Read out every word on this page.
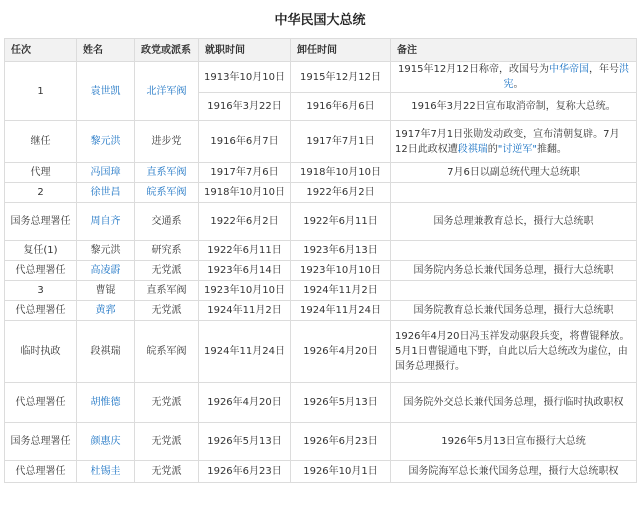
中华民国大总统
任次	姓名	政党或派系	就职时间	卸任时间	备注
1	袁世凯	北洋军阀	1913年10月10日	1915年12月12日	1915年12月12日称帝，改国号为中华帝国，年号洪宪。
			1916年3月22日	1916年6月6日	1916年3月22日宣布取消帝制，复称大总统。
继任	黎元洪	进步党	1916年6月7日	1917年7月1日	1917年7月1日张勋发动政变，宣布清朝复辟。7月12日此政权遭段祺瑞的"讨逆军"推翻。
代理	冯国璋	直系军阀	1917年7月6日	1918年10月10日	7月6日以副总统代理大总统职
2	徐世昌	皖系军阀	1918年10月10日	1922年6月2日	
国务总理署任	周自齐	交通系	1922年6月2日	1922年6月11日	国务总理兼教育总长，摄行大总统职
复任(1)	黎元洪	研究系	1922年6月11日	1923年6月13日	
代总理署任	高凌霨	无党派	1923年6月14日	1923年10月10日	国务院内务总长兼代国务总理，摄行大总统职
3	曹锟	直系军阀	1923年10月10日	1924年11月2日	
代总理署任	黄郛	无党派	1924年11月2日	1924年11月24日	国务院教育总长兼代国务总理，摄行大总统职
临时执政	段祺瑞	皖系军阀	1924年11月24日	1926年4月20日	1926年4月20日冯玉祥发动驱段兵变，将曹锟释放。5月1日曹锟通电下野，自此以后大总统改为虚位，由国务总理摄行。
代总理署任	胡惟德	无党派	1926年4月20日	1926年5月13日	国务院外交总长兼代国务总理，摄行临时执政职权
国务总理署任	颜惠庆	无党派	1926年5月13日	1926年6月23日	1926年5月13日宣布摄行大总统
代总理署任	杜锡圭	无党派	1926年6月23日	1926年10月1日	国务院海军总长兼代国务总理，摄行大总统职权
